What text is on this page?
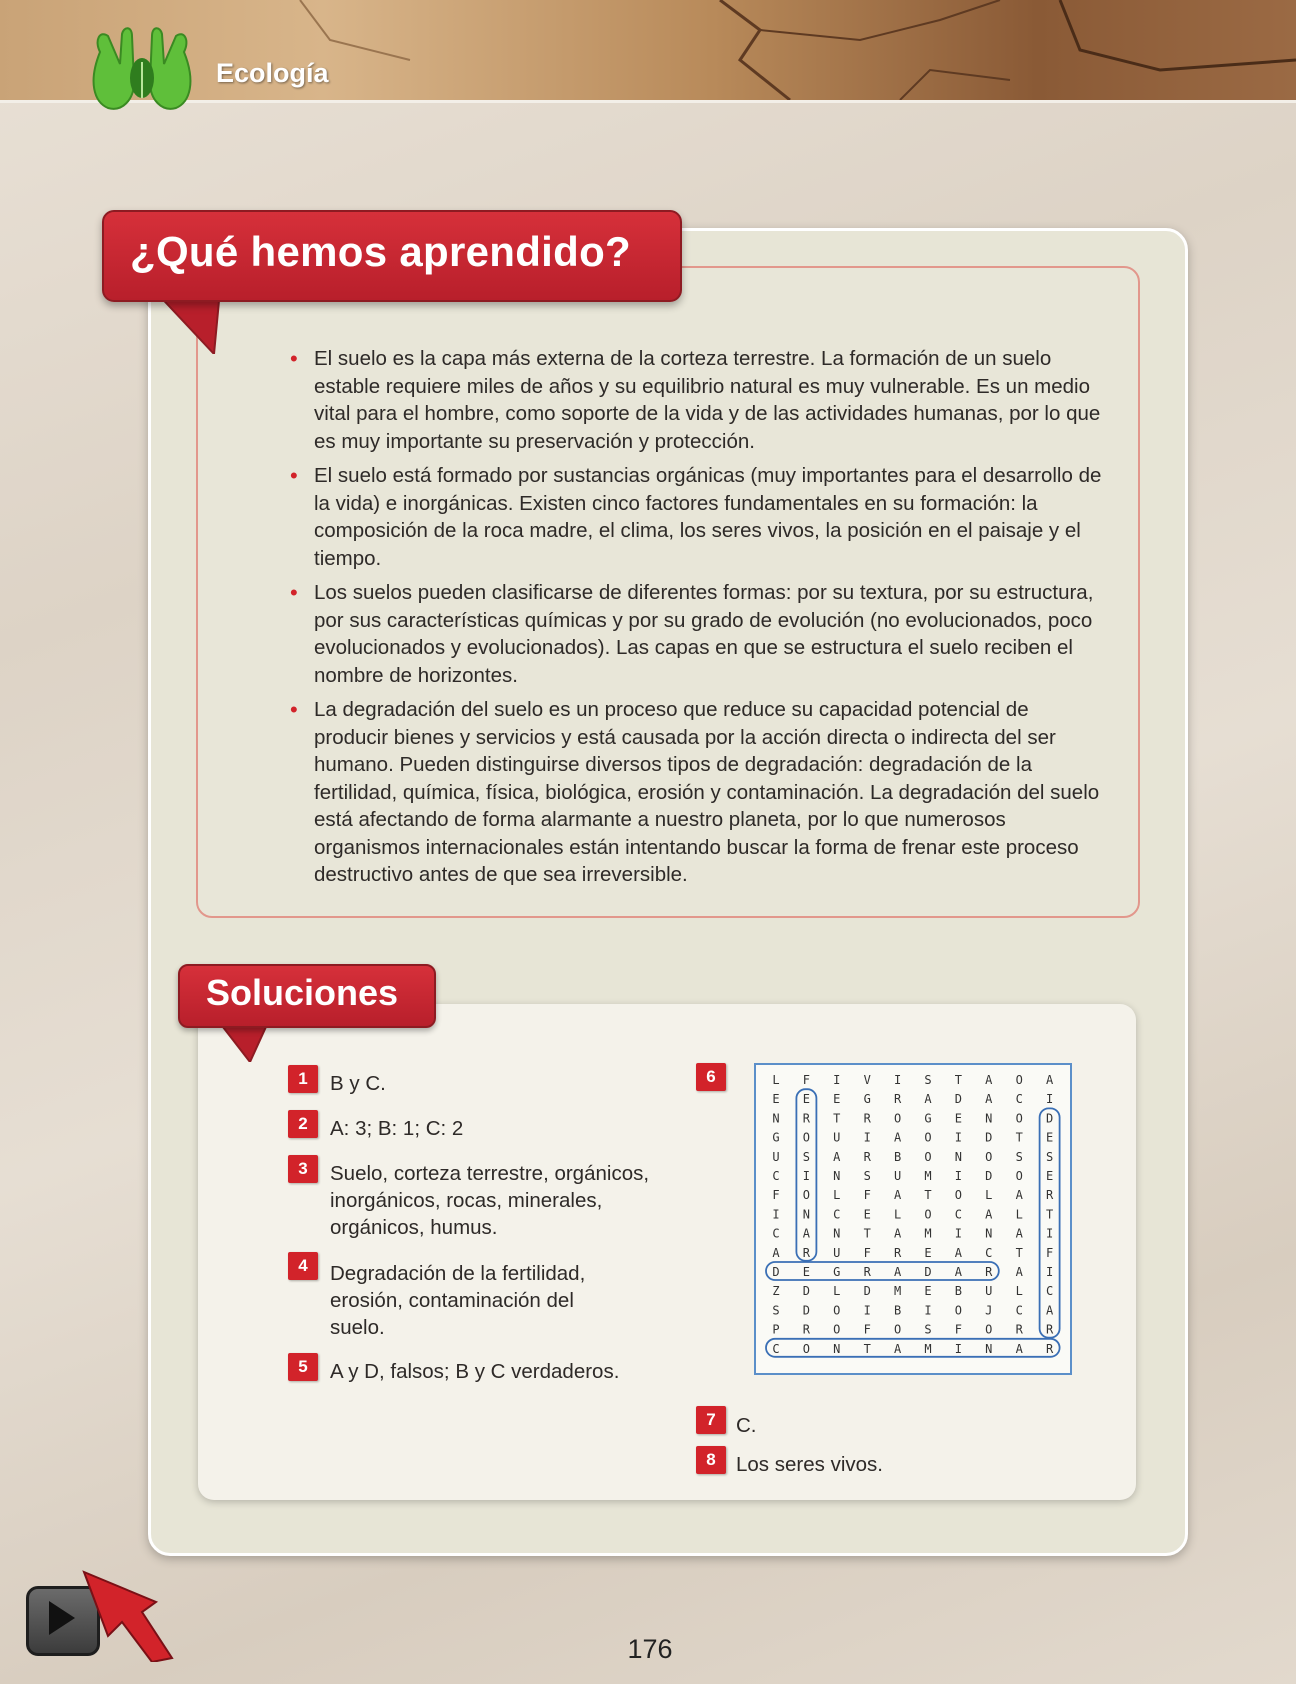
Ecología
¿Qué hemos aprendido?
• El suelo es la capa más externa de la corteza terrestre. La formación de un suelo estable requiere miles de años y su equilibrio natural es muy vulnerable. Es un medio vital para el hombre, como soporte de la vida y de las actividades humanas, por lo que es muy importante su preservación y protección.
• El suelo está formado por sustancias orgánicas (muy importantes para el desarrollo de la vida) e inorgánicas. Existen cinco factores fundamentales en su formación: la composición de la roca madre, el clima, los seres vivos, la posición en el paisaje y el tiempo.
• Los suelos pueden clasificarse de diferentes formas: por su textura, por su estructura, por sus características químicas y por su grado de evolución (no evolucionados, poco evolucionados y evolucionados). Las capas en que se estructura el suelo reciben el nombre de horizontes.
• La degradación del suelo es un proceso que reduce su capacidad potencial de producir bienes y servicios y está causada por la acción directa o indirecta del ser humano. Pueden distinguirse diversos tipos de degradación: degradación de la fertilidad, química, física, biológica, erosión y contaminación. La degradación del suelo está afectando de forma alarmante a nuestro planeta, por lo que numerosos organismos internacionales están intentando buscar la forma de frenar este proceso destructivo antes de que sea irreversible.
Soluciones
1	B y C.
2	A: 3; B: 1; C: 2
3	Suelo, corteza terrestre, orgánicos, inorgánicos, rocas, minerales, orgánicos, humus.
4	Degradación de la fertilidad, erosión, contaminación del suelo.
5	A y D, falsos; B y C verdaderos.
6	L F I V I S T A O A
E E E G R A D A C I
N R T R O G E N O D
G O U I A O I D T E
U S A R B O N O S S
C I N S U M I D O E
F O L F A T O L A R
I N C E L O C A L T
C A N T A M I N A I
A R U F R E A C T F
D E G R A D A R A I
Z D L D M E B U L C
S D O I B I O J C A
P R O F O S F O R R
C O N T A M I N A R
7 C.
8 Los seres vivos.
176
